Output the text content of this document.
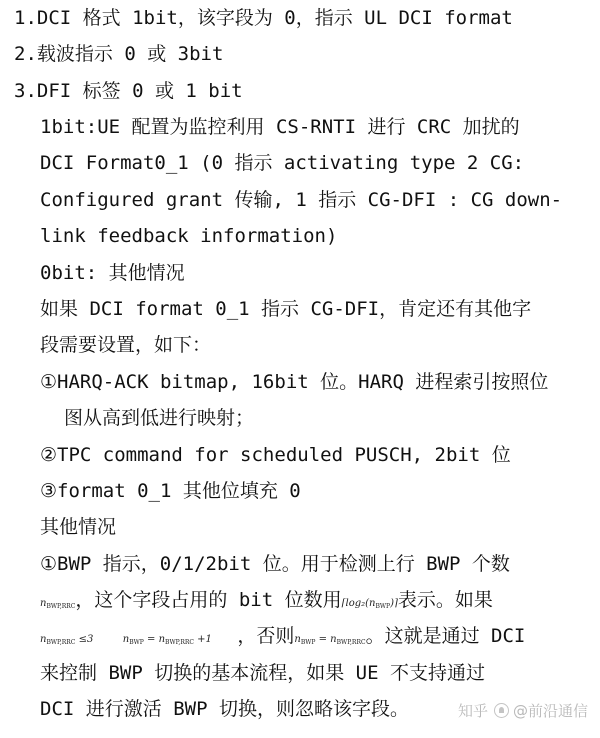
1.DCI 格式 1bit，该字段为 0，指示 UL DCI format
2.载波指示 0 或 3bit
3.DFI 标签 0 或 1 bit
1bit:UE 配置为监控利用 CS-RNTI 进行 CRC 加扰的
DCI Format0_1 (0 指示 activating type 2 CG:
Configured grant 传输, 1 指示 CG-DFI : CG down-
link feedback information)
0bit: 其他情况
如果 DCI format 0_1 指示 CG-DFI，肯定还有其他字
段需要设置，如下：
①HARQ-ACK bitmap, 16bit 位。HARQ 进程索引按照位
图从高到低进行映射；
②TPC command for scheduled PUSCH, 2bit 位
③format 0_1 其他位填充 0
其他情况
①BWP 指示，0/1/2bit 位。用于检测上行 BWP 个数
$n_{BWP,RRC}$，这个字段占用的 bit 位数用$⌈\log_2(n_{BWP})⌉$表示。如果
$n_{BWP,RRC} \le 3$	$n_{BWP} = n_{BWP,RRC} +1$ ，否则$n_{BWP} = n_{BWP,RRC}$。这就是通过 DCI
来控制 BWP 切换的基本流程，如果 UE 不支持通过
DCI 进行激活 BWP 切换，则忽略该字段。	知乎 @前沿通信
